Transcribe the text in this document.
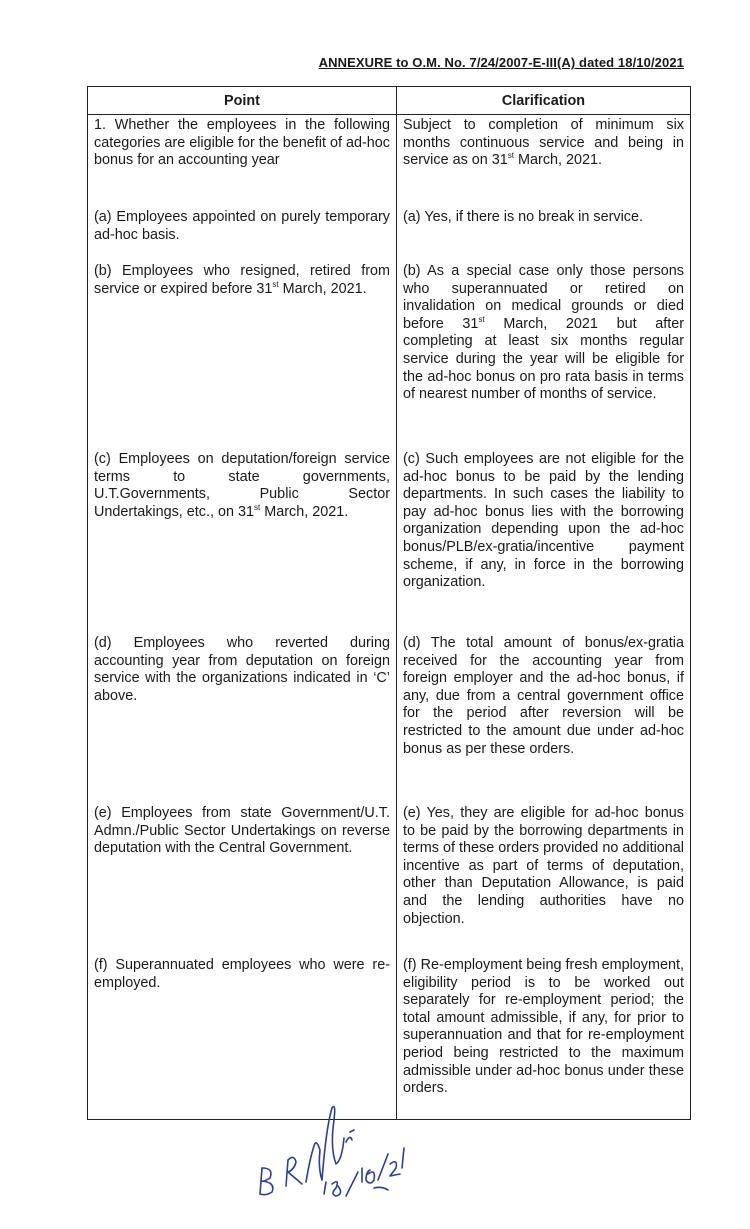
ANNEXURE to O.M. No. 7/24/2007-E-III(A) dated 18/10/2021
Point	Clarification
1. Whether the employees in the following categories are eligible for the benefit of ad-hoc bonus for an accounting year	Subject to completion of minimum six months continuous service and being in service as on 31st March, 2021.
(a) Employees appointed on purely temporary ad-hoc basis.	(a) Yes, if there is no break in service.
(b) Employees who resigned, retired from service or expired before 31st March, 2021.	(b) As a special case only those persons who superannuated or retired on invalidation on medical grounds or died before 31st March, 2021 but after completing at least six months regular service during the year will be eligible for the ad-hoc bonus on pro rata basis in terms of nearest number of months of service.
(c) Employees on deputation/foreign service terms to state governments, U.T.Governments, Public Sector Undertakings, etc., on 31st March, 2021.	(c) Such employees are not eligible for the ad-hoc bonus to be paid by the lending departments. In such cases the liability to pay ad-hoc bonus lies with the borrowing organization depending upon the ad-hoc bonus/PLB/ex-gratia/incentive payment scheme, if any, in force in the borrowing organization.
(d) Employees who reverted during accounting year from deputation on foreign service with the organizations indicated in ‘C’ above.	(d) The total amount of bonus/ex-gratia received for the accounting year from foreign employer and the ad-hoc bonus, if any, due from a central government office for the period after reversion will be restricted to the amount due under ad-hoc bonus as per these orders.
(e) Employees from state Government/U.T. Admn./Public Sector Undertakings on reverse deputation with the Central Government.	(e) Yes, they are eligible for ad-hoc bonus to be paid by the borrowing departments in terms of these orders provided no additional incentive as part of terms of deputation, other than Deputation Allowance, is paid and the lending authorities have no objection.
(f) Superannuated employees who were re-employed.	(f) Re-employment being fresh employment, eligibility period is to be worked out separately for re-employment period; the total amount admissible, if any, for prior to superannuation and that for re-employment period being restricted to the maximum admissible under ad-hoc bonus under these orders.
